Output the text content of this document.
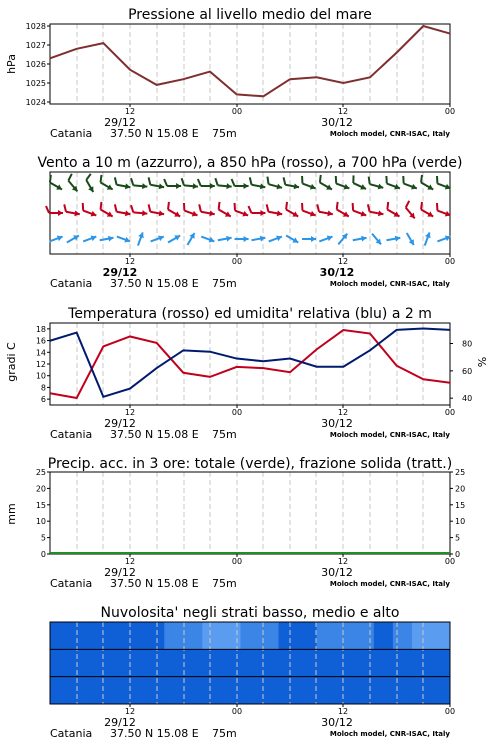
Pressione al livello medio del mare
1024
1025
1026
1027
1028
hPa
12	00	12	00
29/12	30/12
Catania 37.50 N 15.08 E 75m	Moloch model, CNR-ISAC, Italy
Vento a 10 m (azzurro), a 850 hPa (rosso), a 700 hPa (verde)
12	00	12	00
29/12	30/12
Catania 37.50 N 15.08 E 75m	Moloch model, CNR-ISAC, Italy
Temperatura (rosso) ed umidita' relativa (blu) a 2 m
6
8
10
12
14
16
18
40
60
80
gradi C	%
12	00	12	00
29/12	30/12
Catania 37.50 N 15.08 E 75m	Moloch model, CNR-ISAC, Italy
Precip. acc. in 3 ore: totale (verde), frazione solida (tratt.)
0	0
5	5
10	10
15	15
20	20
25	25
mm
12	00	12	00
29/12	30/12
Catania 37.50 N 15.08 E 75m	Moloch model, CNR-ISAC, Italy
Nuvolosita' negli strati basso, medio e alto
12	00	12	00
29/12	30/12
Catania 37.50 N 15.08 E 75m	Moloch model, CNR-ISAC, Italy
